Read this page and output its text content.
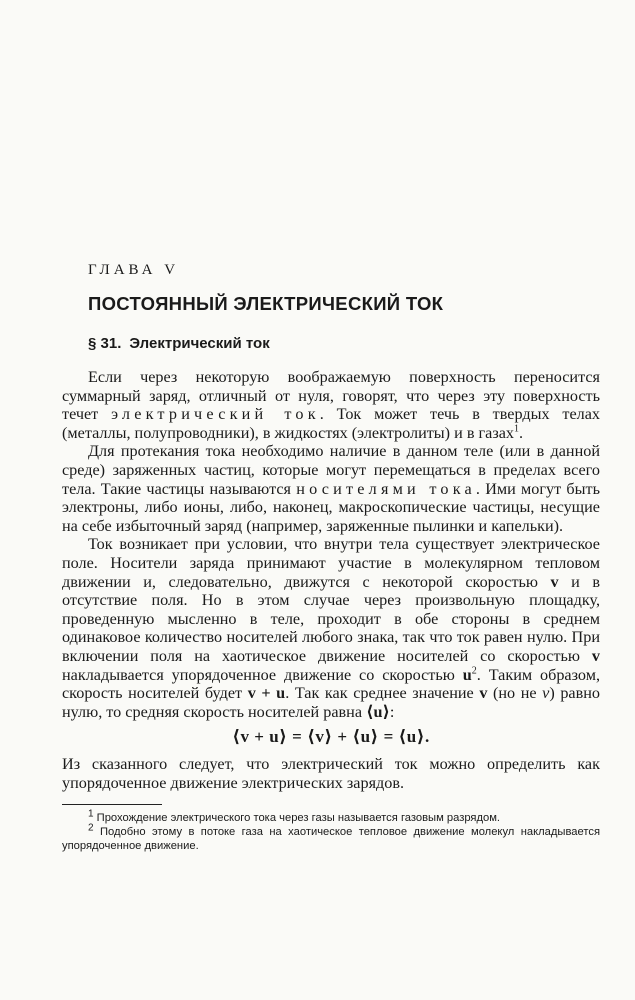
ГЛАВА V
ПОСТОЯННЫЙ ЭЛЕКТРИЧЕСКИЙ ТОК
§ 31. Электрический ток

Если через некоторую воображаемую поверхность переносится суммарный заряд, отличный от нуля, говорят, что через эту поверхность течет электрический ток. Ток может течь в твердых телах (металлы, полупроводники), в жидкостях (электролиты) и в газах$^1$.

Для протекания тока необходимо наличие в данном теле (или в данной среде) заряженных частиц, которые могут перемещаться в пределах всего тела. Такие частицы называются носителями тока. Ими могут быть электроны, либо ионы, либо, наконец, макроскопические частицы, несущие на себе избыточный заряд (например, заряженные пылинки и капельки).

Ток возникает при условии, что внутри тела существует электрическое поле. Носители заряда принимают участие в молекулярном тепловом движении и, следовательно, движутся с некоторой скоростью v и в отсутствие поля. Но в этом случае через произвольную площадку, проведенную мысленно в теле, проходит в обе стороны в среднем одинаковое количество носителей любого знака, так что ток равен нулю. При включении поля на хаотическое движение носителей со скоростью v накладывается упорядоченное движение со скоростью $u^2$. Таким образом, скорость носителей будет v + u. Так как среднее значение v (но не v) равно нулю, то средняя скорость носителей равна ⟨u⟩:

⟨v + u⟩ = ⟨v⟩ + ⟨u⟩ = ⟨u⟩.

Из сказанного следует, что электрический ток можно определить как упорядоченное движение электрических зарядов.

$^1$ Прохождение электрического тока через газы называется газовым разрядом.

$^2$ Подобно этому в потоке газа на хаотическое тепловое движение молекул накладывается упорядоченное движение.
